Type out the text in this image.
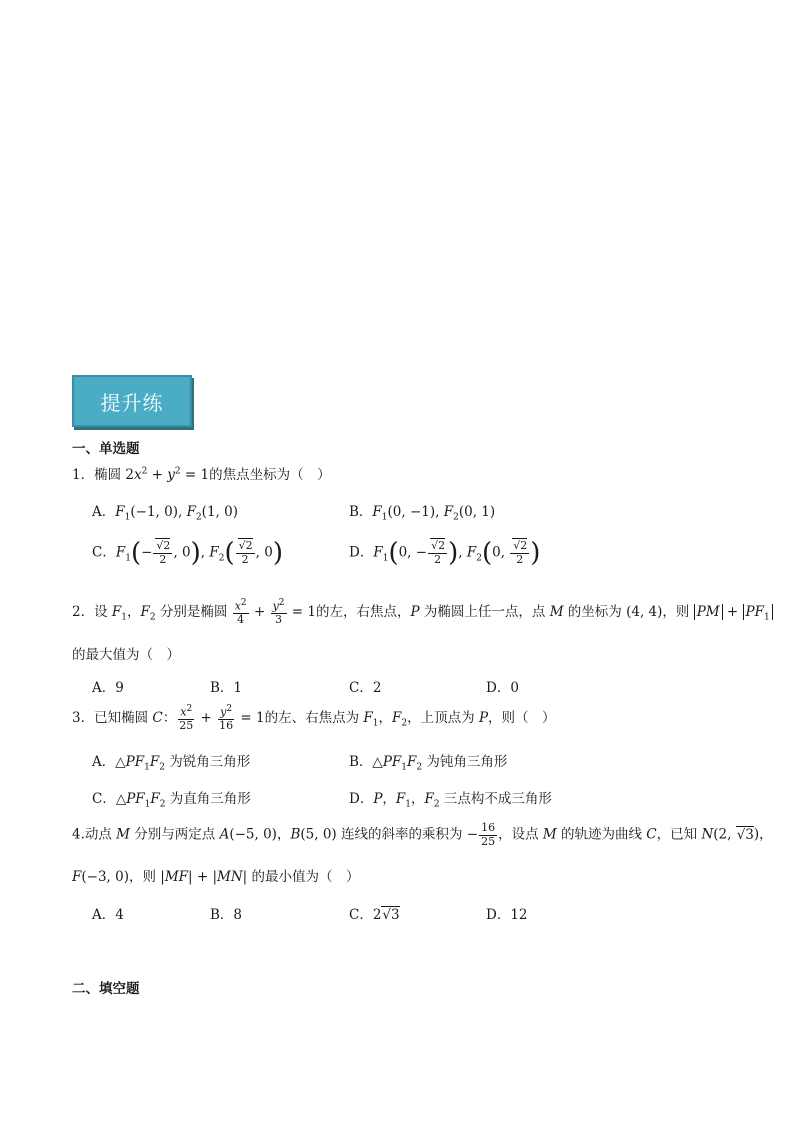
提升练
一、单选题
1．椭圆 $2x^2 + y^2 = 1$的焦点坐标为（　）
A．$F_1(-1$, 0), $F_2(1$, 0)	B．$F_1(0$, −1), $F_2(0$, 1)
C．$F_1(- \frac{√2}{2}$ , 0), $F_2( \frac{√2}{2}$ , 0)	D．$F_1(0$, − $\frac{√2}{2}$ ), $F_2(0$, $\frac{√2}{2}$ )
2．设 $F_1$，$F_2$ 分别是椭圆 $\frac{x^2}{4} + \frac{y^2}{3} = 1$的左，右焦点，P 为椭圆上任一点，点 M 的坐标为 (4, 4)，则 PM + $PF_1$
的最大值为（　）
A．9	B．1	C．2	D．0
3．已知椭圆 C： $\frac{x^2}{25} + \frac{y^2}{16} = 1$的左、右焦点为 $F_1$，$F_2$，上顶点为 P，则（　）
A．$\triangle PF_1F_2$ 为锐角三角形	B．$\triangle PF_1F_2$ 为钝角三角形
C．$\triangle PF_1F_2$ 为直角三角形	D．P，$F_1$，$F_2$ 三点构不成三角形
4.动点 M 分别与两定点 A(−5, 0)，B(5, 0) 连线的斜率的乘积为 − $\frac{16}{25}$ ，设点 M 的轨迹为曲线 C，已知 N(2, √3)，
F(−3, 0)，则 |MF| + |MN| 的最小值为（　）
A．4	B．8	C．2√3	D．12
二、填空题
